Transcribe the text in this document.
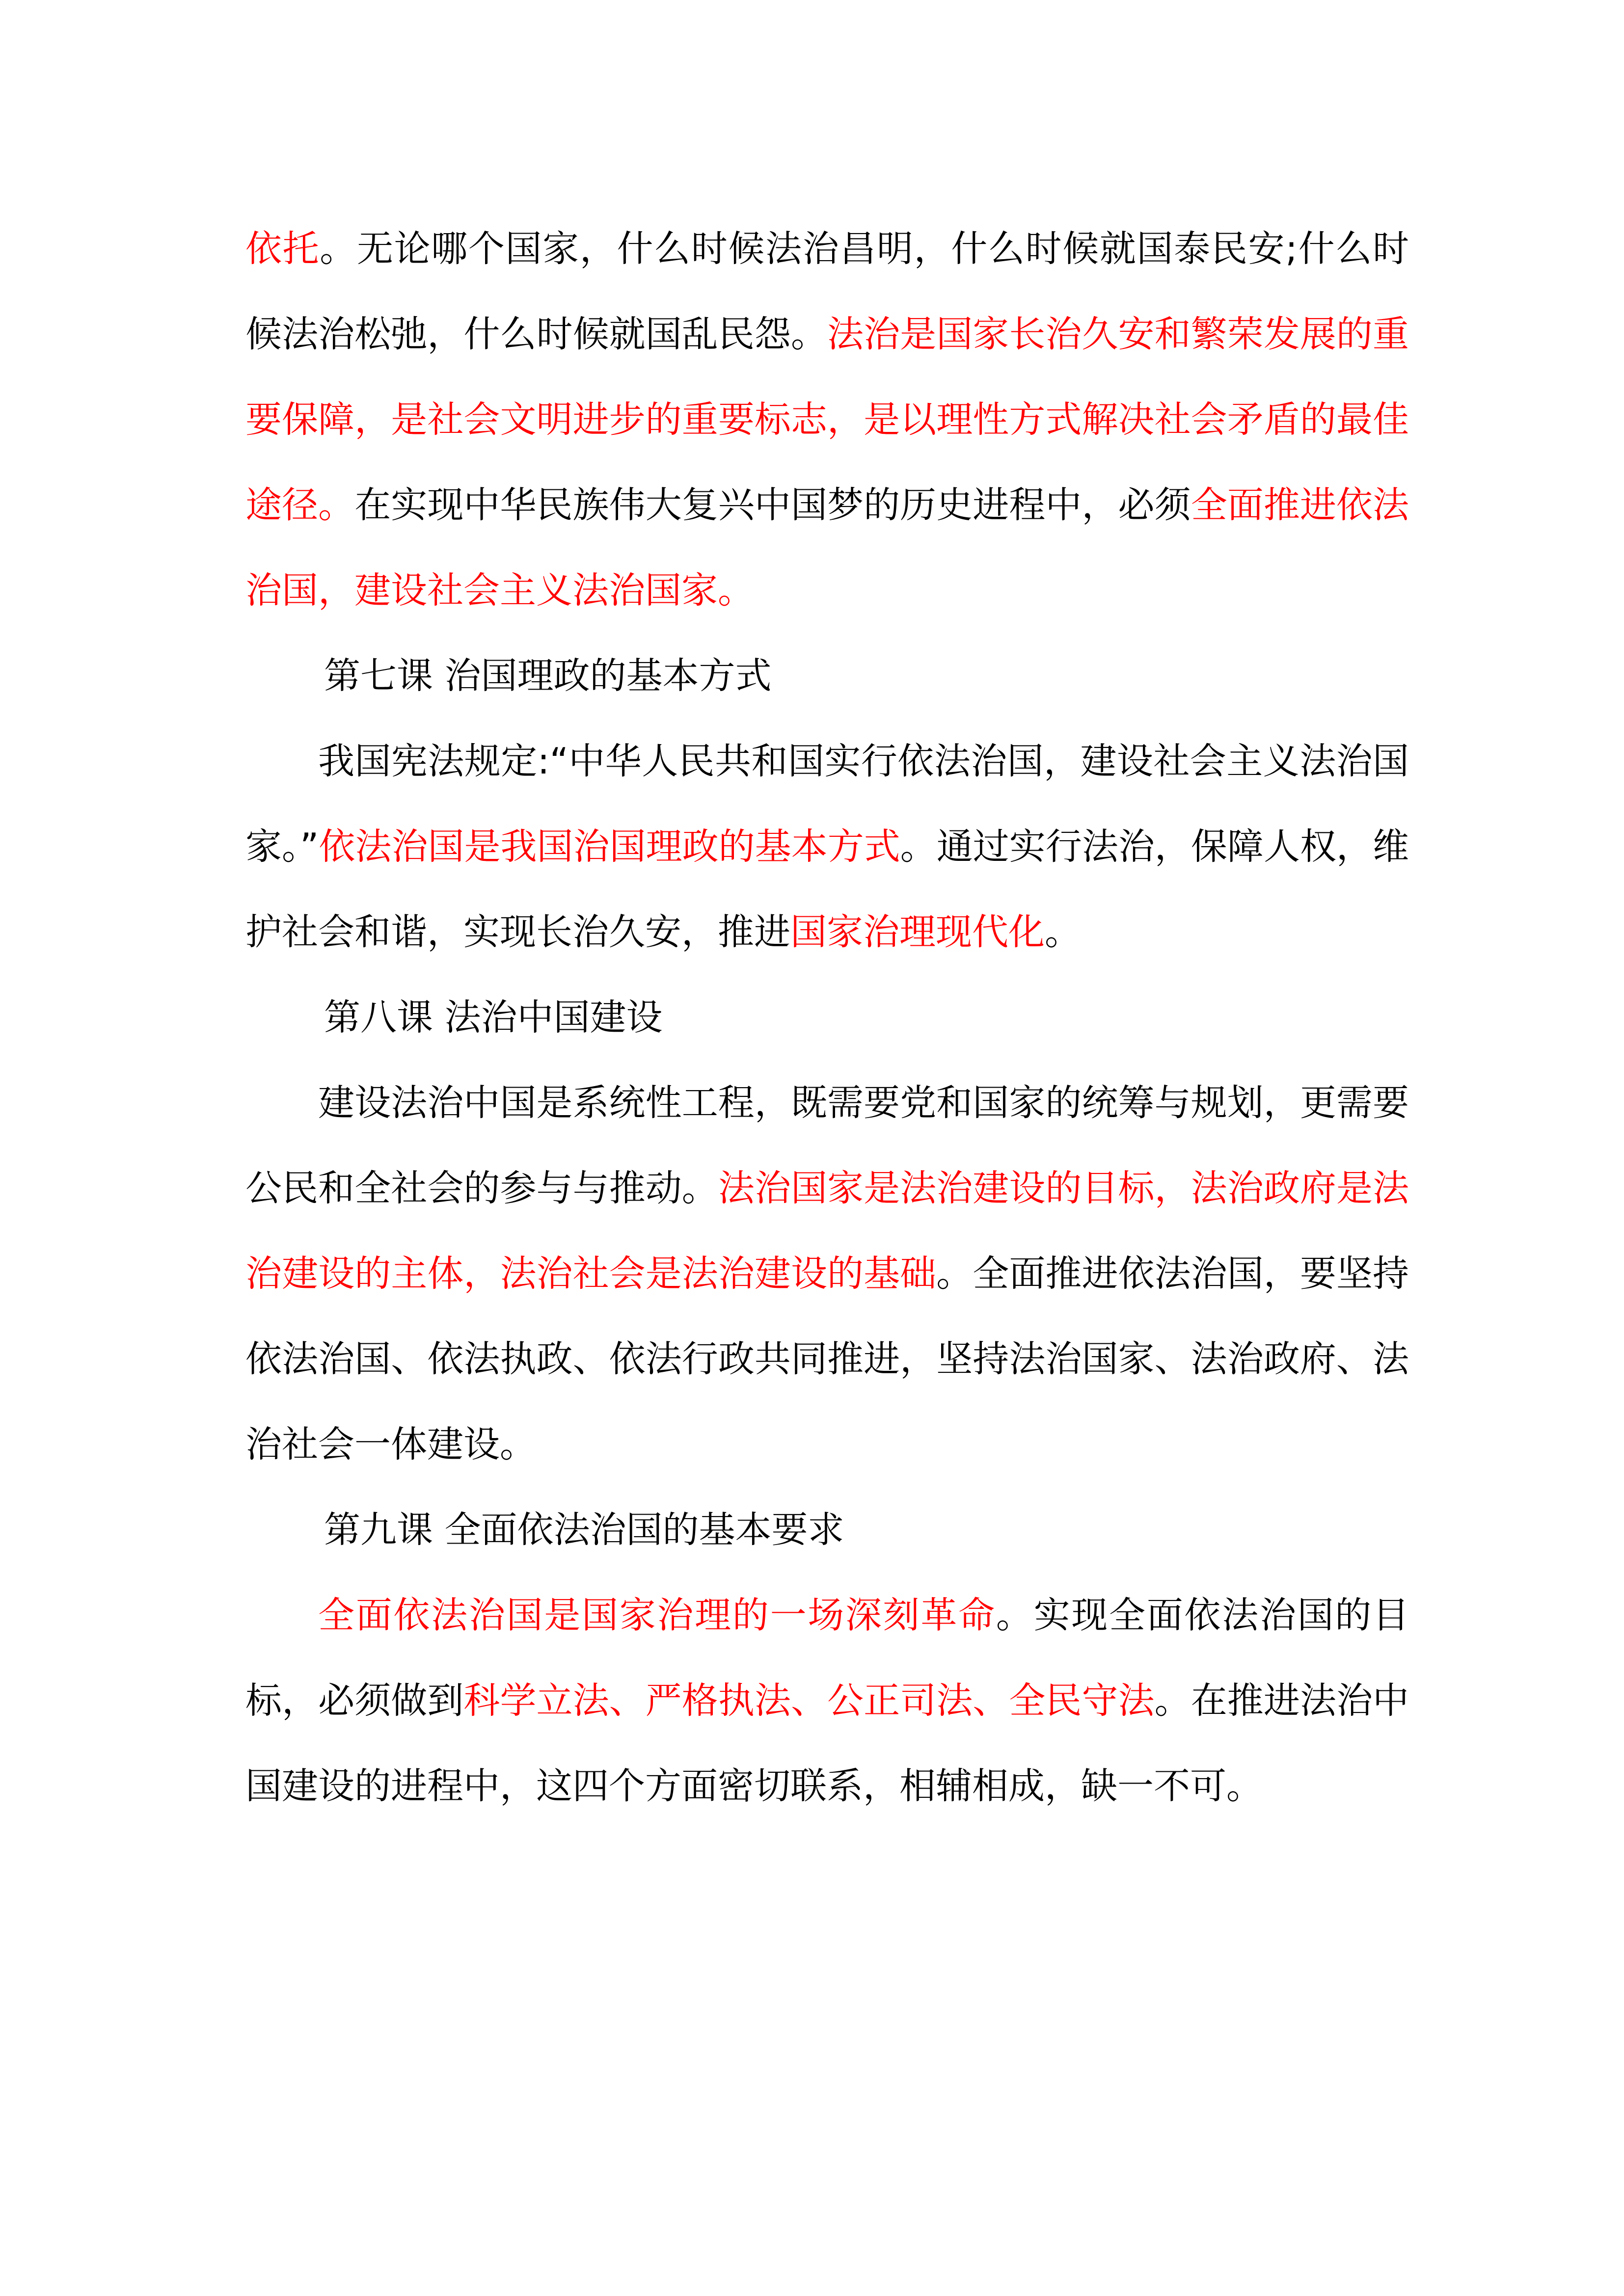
依托。无论哪个国家，什么时候法治昌明，什么时候就国泰民安;什么时候法治松弛，什么时候就国乱民怨。法治是国家长治久安和繁荣发展的重要保障，是社会文明进步的重要标志，是以理性方式解决社会矛盾的最佳途径。在实现中华民族伟大复兴中国梦的历史进程中，必须全面推进依法治国，建设社会主义法治国家。

第七课 治国理政的基本方式

我国宪法规定:“中华人民共和国实行依法治国，建设社会主义法治国家。”依法治国是我国治国理政的基本方式。通过实行法治，保障人权，维护社会和谐，实现长治久安，推进国家治理现代化。

第八课 法治中国建设

建设法治中国是系统性工程，既需要党和国家的统筹与规划，更需要 公民和全社会的参与与推动。法治国家是法治建设的目标，法治政府是法治建设的主体，法治社会是法治建设的基础。全面推进依法治国，要坚持依法治国、依法执政、依法行政共同推进，坚持法治国家、法治政府、法治社会一体建设。

第九课 全面依法治国的基本要求

全面依法治国是国家治理的一场深刻革命。实现全面依法治国的目标，必须做到科学立法、严格执法、公正司法、全民守法。在推进法治中国建设的进程中，这四个方面密切联系，相辅相成，缺一不可。
